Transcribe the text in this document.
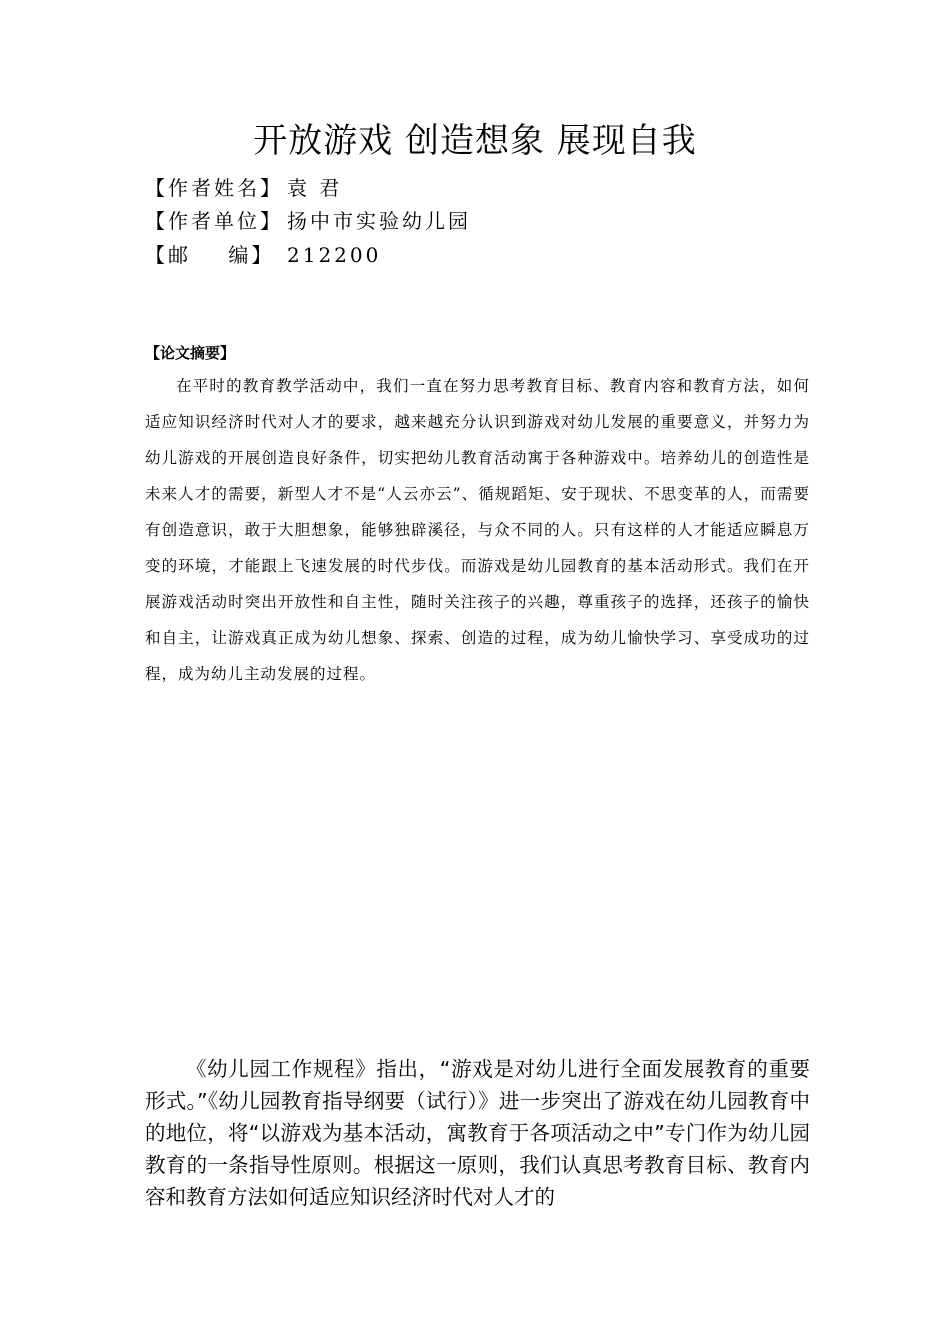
开放游戏 创造想象 展现自我
【作者姓名】 袁 君
【作者单位】 扬中市实验幼儿园
【邮    编】 212200
【论文摘要】
在平时的教育教学活动中，我们一直在努力思考教育目标、教育内容和教育方法，如何适应知识经济时代对人才的要求，越来越充分认识到游戏对幼儿发展的重要意义，并努力为幼儿游戏的开展创造良好条件，切实把幼儿教育活动寓于各种游戏中。培养幼儿的创造性是未来人才的需要，新型人才不是“人云亦云”、循规蹈矩、安于现状、不思变革的人，而需要有创造意识，敢于大胆想象，能够独辟溪径，与众不同的人。只有这样的人才能适应瞬息万变的环境，才能跟上飞速发展的时代步伐。而游戏是幼儿园教育的基本活动形式。我们在开展游戏活动时突出开放性和自主性，随时关注孩子的兴趣，尊重孩子的选择，还孩子的愉快和自主，让游戏真正成为幼儿想象、探索、创造的过程，成为幼儿愉快学习、享受成功的过程，成为幼儿主动发展的过程。
《幼儿园工作规程》指出，“游戏是对幼儿进行全面发展教育的重要形式。”《幼儿园教育指导纲要（试行）》进一步突出了游戏在幼儿园教育中的地位，将“以游戏为基本活动，寓教育于各项活动之中”专门作为幼儿园教育的一条指导性原则。根据这一原则，我们认真思考教育目标、教育内容和教育方法如何适应知识经济时代对人才的
